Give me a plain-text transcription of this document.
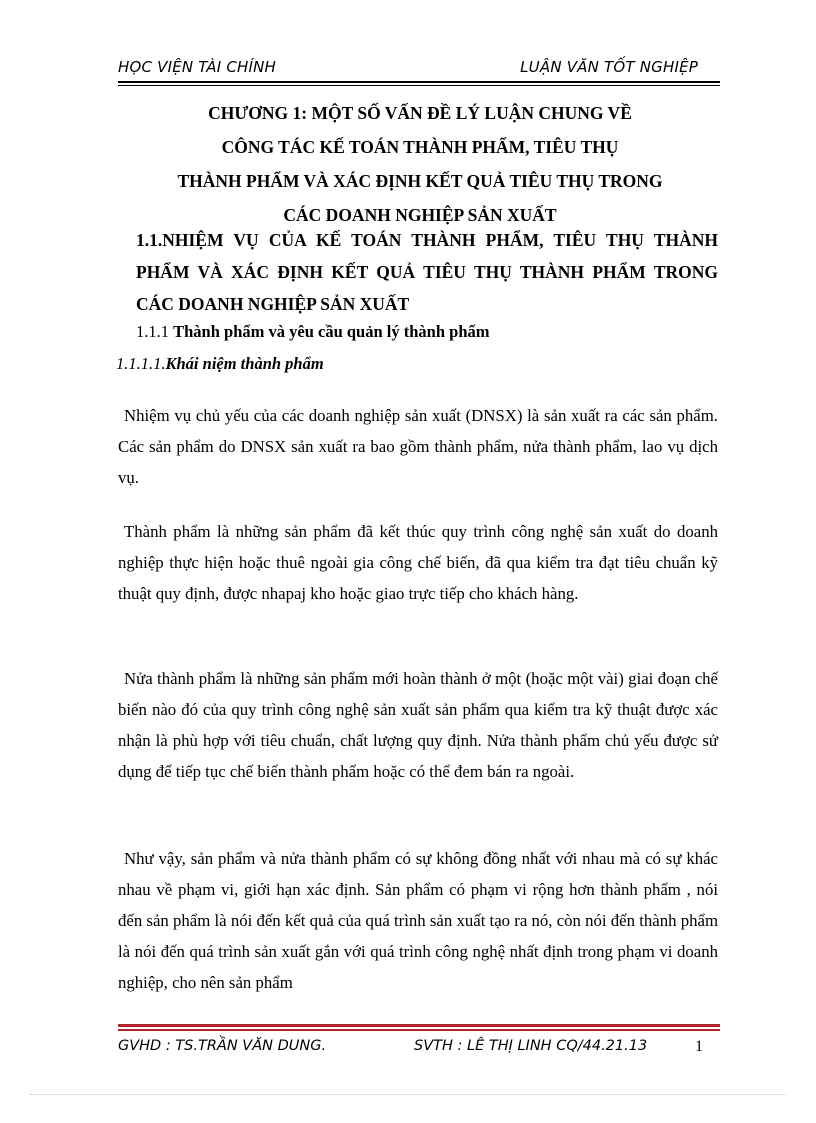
HỌC VIỆN TÀI CHÍNH	LUẬN VĂN TỐT NGHIỆP
CHƯƠNG 1: MỘT SỐ VẤN ĐỀ LÝ LUẬN CHUNG VỀ
CÔNG TÁC KẾ TOÁN THÀNH PHẨM, TIÊU THỤ
THÀNH PHẨM VÀ XÁC ĐỊNH KẾT QUẢ TIÊU THỤ TRONG
CÁC DOANH NGHIỆP SẢN XUẤT
1.1.NHIỆM VỤ CỦA KẾ TOÁN THÀNH PHẨM, TIÊU THỤ THÀNH PHẨM VÀ XÁC ĐỊNH KẾT QUẢ TIÊU THỤ THÀNH PHẨM TRONG CÁC DOANH NGHIỆP SẢN XUẤT
1.1.1 Thành phẩm và yêu cầu quản lý thành phẩm
1.1.1.1.Khái niệm thành phẩm

Nhiệm vụ chủ yếu của các doanh nghiệp sản xuất (DNSX) là sản xuất ra các sản phẩm. Các sản phẩm do DNSX sản xuất ra bao gồm thành phẩm, nửa thành phẩm, lao vụ dịch vụ.

Thành phẩm là những sản phẩm đã kết thúc quy trình công nghệ sản xuất do doanh nghiệp thực hiện hoặc thuê ngoài gia công chế biến, đã qua kiểm tra đạt tiêu chuẩn kỹ thuật quy định, được nhapaj kho hoặc giao trực tiếp cho khách hàng.

Nửa thành phẩm là những sản phẩm mới hoàn thành ở một (hoặc một vài) giai đoạn chế biến nào đó của quy trình công nghệ sản xuất sản phẩm qua kiểm tra kỹ thuật được xác nhận là phù hợp với tiêu chuẩn, chất lượng quy định. Nửa thành phẩm chủ yếu được sử dụng để tiếp tục chế biến thành phẩm hoặc có thể đem bán ra ngoài.

Như vậy, sản phẩm và nửa thành phẩm có sự không đồng nhất với nhau mà có sự khác nhau về phạm vi, giới hạn xác định. Sản phẩm có phạm vi rộng hơn thành phẩm , nói đến sản phẩm là nói đến kết quả của quá trình sản xuất tạo ra nó, còn nói đến thành phẩm là nói đến quá trình sản xuất gắn với quá trình công nghệ nhất định trong phạm vi doanh nghiệp, cho nên sản phẩm

GVHD : TS.TRẦN VĂN DUNG.	SVTH : LÊ THỊ LINH CQ/44.21.13	1
